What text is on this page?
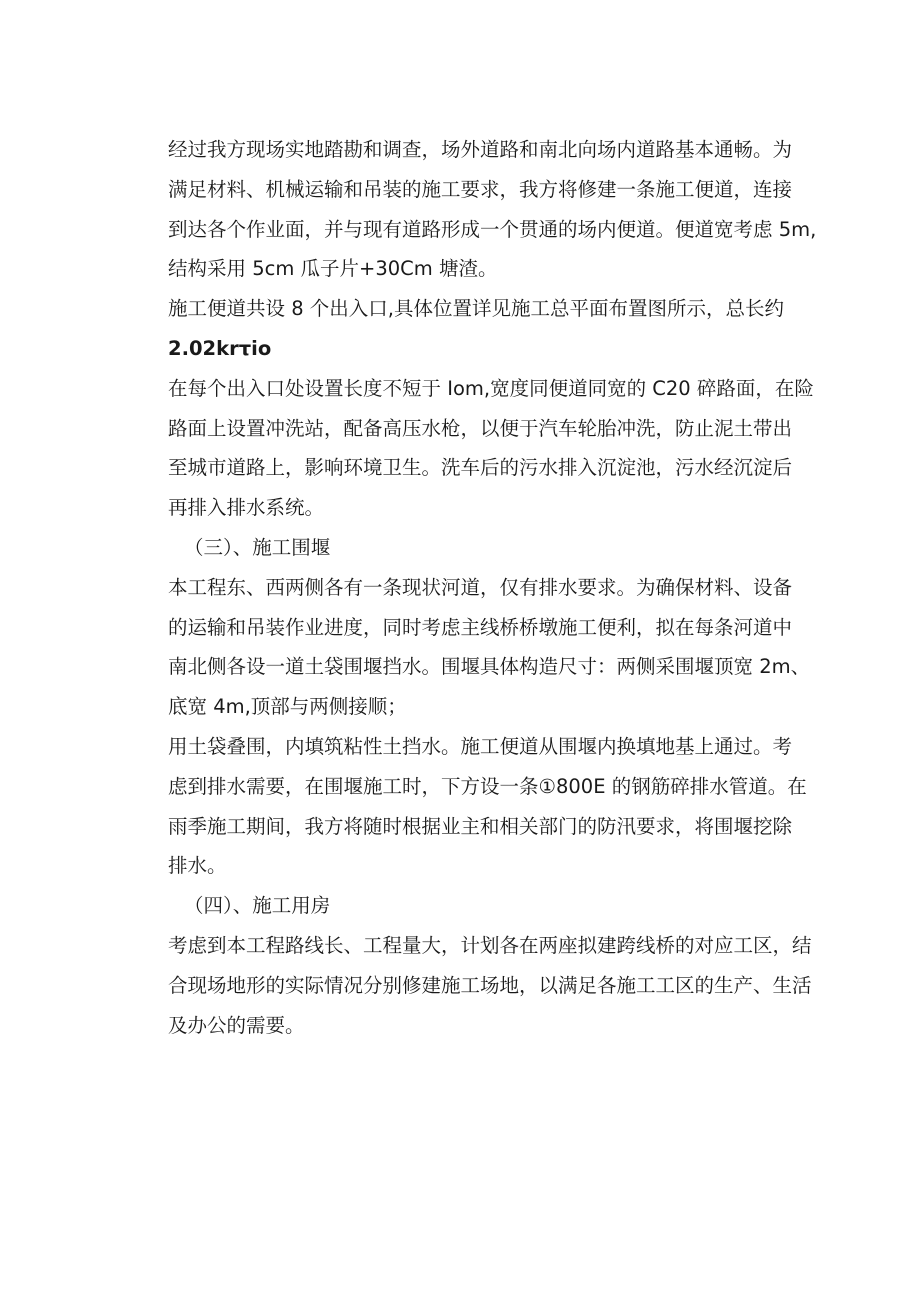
经过我方现场实地踏勘和调查，场外道路和南北向场内道路基本通畅。为
满足材料、机械运输和吊装的施工要求，我方将修建一条施工便道，连接
到达各个作业面，并与现有道路形成一个贯通的场内便道。便道宽考虑 5m,
结构采用 5cm 瓜子片+30Cm 塘渣。
施工便道共设 8 个出入口,具体位置详见施工总平面布置图所示，总长约
2.02krτio
在每个出入口处设置长度不短于 Iom,宽度同便道同宽的 C20 碎路面，在险
路面上设置冲洗站，配备高压水枪，以便于汽车轮胎冲洗，防止泥土带出
至城市道路上，影响环境卫生。洗车后的污水排入沉淀池，污水经沉淀后
再排入排水系统。
（三）、施工围堰
本工程东、西两侧各有一条现状河道，仅有排水要求。为确保材料、设备
的运输和吊装作业进度，同时考虑主线桥桥墩施工便利，拟在每条河道中
南北侧各设一道土袋围堰挡水。围堰具体构造尺寸：两侧采围堰顶宽 2m、
底宽 4m,顶部与两侧接顺；
用土袋叠围，内填筑粘性土挡水。施工便道从围堰内换填地基上通过。考
虑到排水需要，在围堰施工时，下方设一条①800E 的钢筋碎排水管道。在
雨季施工期间，我方将随时根据业主和相关部门的防汛要求，将围堰挖除
排水。
（四）、施工用房
考虑到本工程路线长、工程量大，计划各在两座拟建跨线桥的对应工区，结
合现场地形的实际情况分别修建施工场地，以满足各施工工区的生产、生活
及办公的需要。
